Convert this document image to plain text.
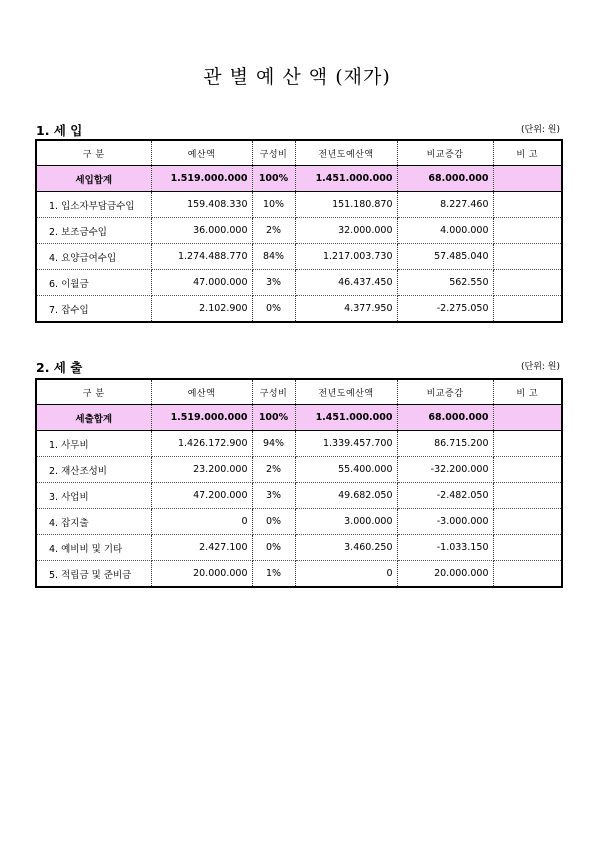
관 별 예 산 액 (재가)
1. 세 입	(단위: 원)
구 분	예산액	구성비	전년도예산액	비교증감	비 고
세입합계	1.519.000.000	100%	1.451.000.000	68.000.000	
1. 입소자부담금수입	159.408.330	10%	151.180.870	8.227.460	
2. 보조금수입	36.000.000	2%	32.000.000	4.000.000	
4. 요양급여수입	1.274.488.770	84%	1.217.003.730	57.485.040	
6. 이월금	47.000.000	3%	46.437.450	562.550	
7. 잡수입	2.102.900	0%	4.377.950	-2.275.050	
2. 세 출	(단위: 원)
구 분	예산액	구성비	전년도예산액	비교증감	비 고
세출합계	1.519.000.000	100%	1.451.000.000	68.000.000	
1. 사무비	1.426.172.900	94%	1.339.457.700	86.715.200	
2. 재산조성비	23.200.000	2%	55.400.000	-32.200.000	
3. 사업비	47.200.000	3%	49.682.050	-2.482.050	
4. 잡지출	0	0%	3.000.000	-3.000.000	
4. 예비비 및 기타	2.427.100	0%	3.460.250	-1.033.150	
5. 적립금 및 준비금	20.000.000	1%	0	20.000.000	
